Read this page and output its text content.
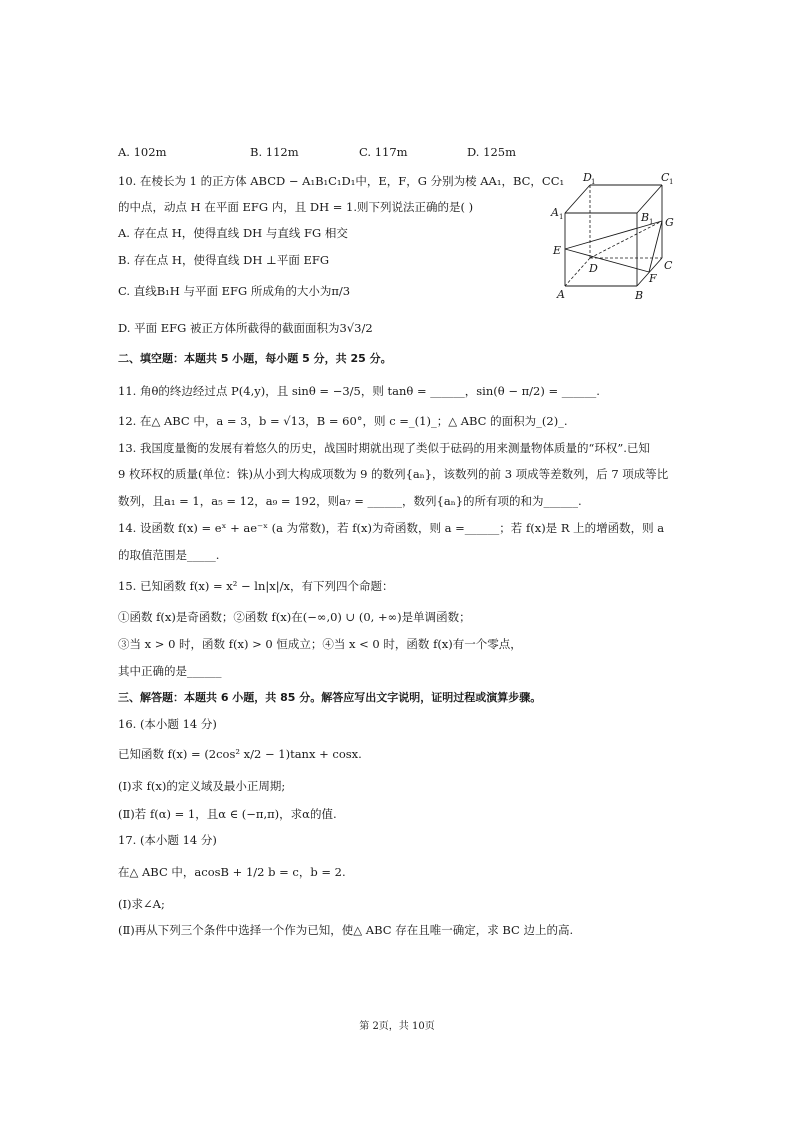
A. 102m	B. 112m	C. 117m	D. 125m
10. 在棱长为 1 的正方体 ABCD − A₁B₁C₁D₁中，E，F，G 分别为棱 AA₁，BC，CC₁
的中点，动点 H 在平面 EFG 内，且 DH = 1.则下列说法正确的是( )
A. 存在点 H，使得直线 DH 与直线 FG 相交
B. 存在点 H，使得直线 DH ⊥平面 EFG
C. 直线B₁H 与平面 EFG 所成角的大小为π/3
D. 平面 EFG 被正方体所截得的截面面积为3√3/2
D 1	C 1
A 1	B 1 G
E
D	C
F
A	B
二、填空题：本题共 5 小题，每小题 5 分，共 25 分。
11. 角θ的终边经过点 P(4,y)，且 sinθ = −3/5，则 tanθ = ______，sin(θ − π/2) = ______.
12. 在△ ABC 中，a = 3，b = √13，B = 60°，则 c =_(1)_；△ ABC 的面积为_(2)_.
13. 我国度量衡的发展有着悠久的历史，战国时期就出现了类似于砝码的用来测量物体质量的“环权”.已知
9 枚环权的质量(单位：铢)从小到大构成项数为 9 的数列{aₙ}，该数列的前 3 项成等差数列，后 7 项成等比
数列，且a₁ = 1，a₅ = 12，a₉ = 192，则a₇ = ______，数列{aₙ}的所有项的和为______.
14. 设函数 f(x) = eˣ + ae⁻ˣ (a 为常数)，若 f(x)为奇函数，则 a =______；若 f(x)是 R 上的增函数，则 a
的取值范围是_____.
15. 已知函数 f(x) = x² − ln|x|/x，有下列四个命题：
①函数 f(x)是奇函数；②函数 f(x)在(−∞,0) ∪ (0, +∞)是单调函数；
③当 x > 0 时，函数 f(x) > 0 恒成立；④当 x < 0 时，函数 f(x)有一个零点，
其中正确的是______
三、解答题：本题共 6 小题，共 85 分。解答应写出文字说明，证明过程或演算步骤。
16. (本小题 14 分)
已知函数 f(x) = (2cos² x/2 − 1)tanx + cosx.
(Ⅰ)求 f(x)的定义域及最小正周期;
(Ⅱ)若 f(α) = 1，且α ∈ (−π,π)，求α的值.
17. (本小题 14 分)
在△ ABC 中，acosB + 1/2 b = c，b = 2.
(Ⅰ)求∠A;
(Ⅱ)再从下列三个条件中选择一个作为已知，使△ ABC 存在且唯一确定，求 BC 边上的高.
第 2页，共 10页
